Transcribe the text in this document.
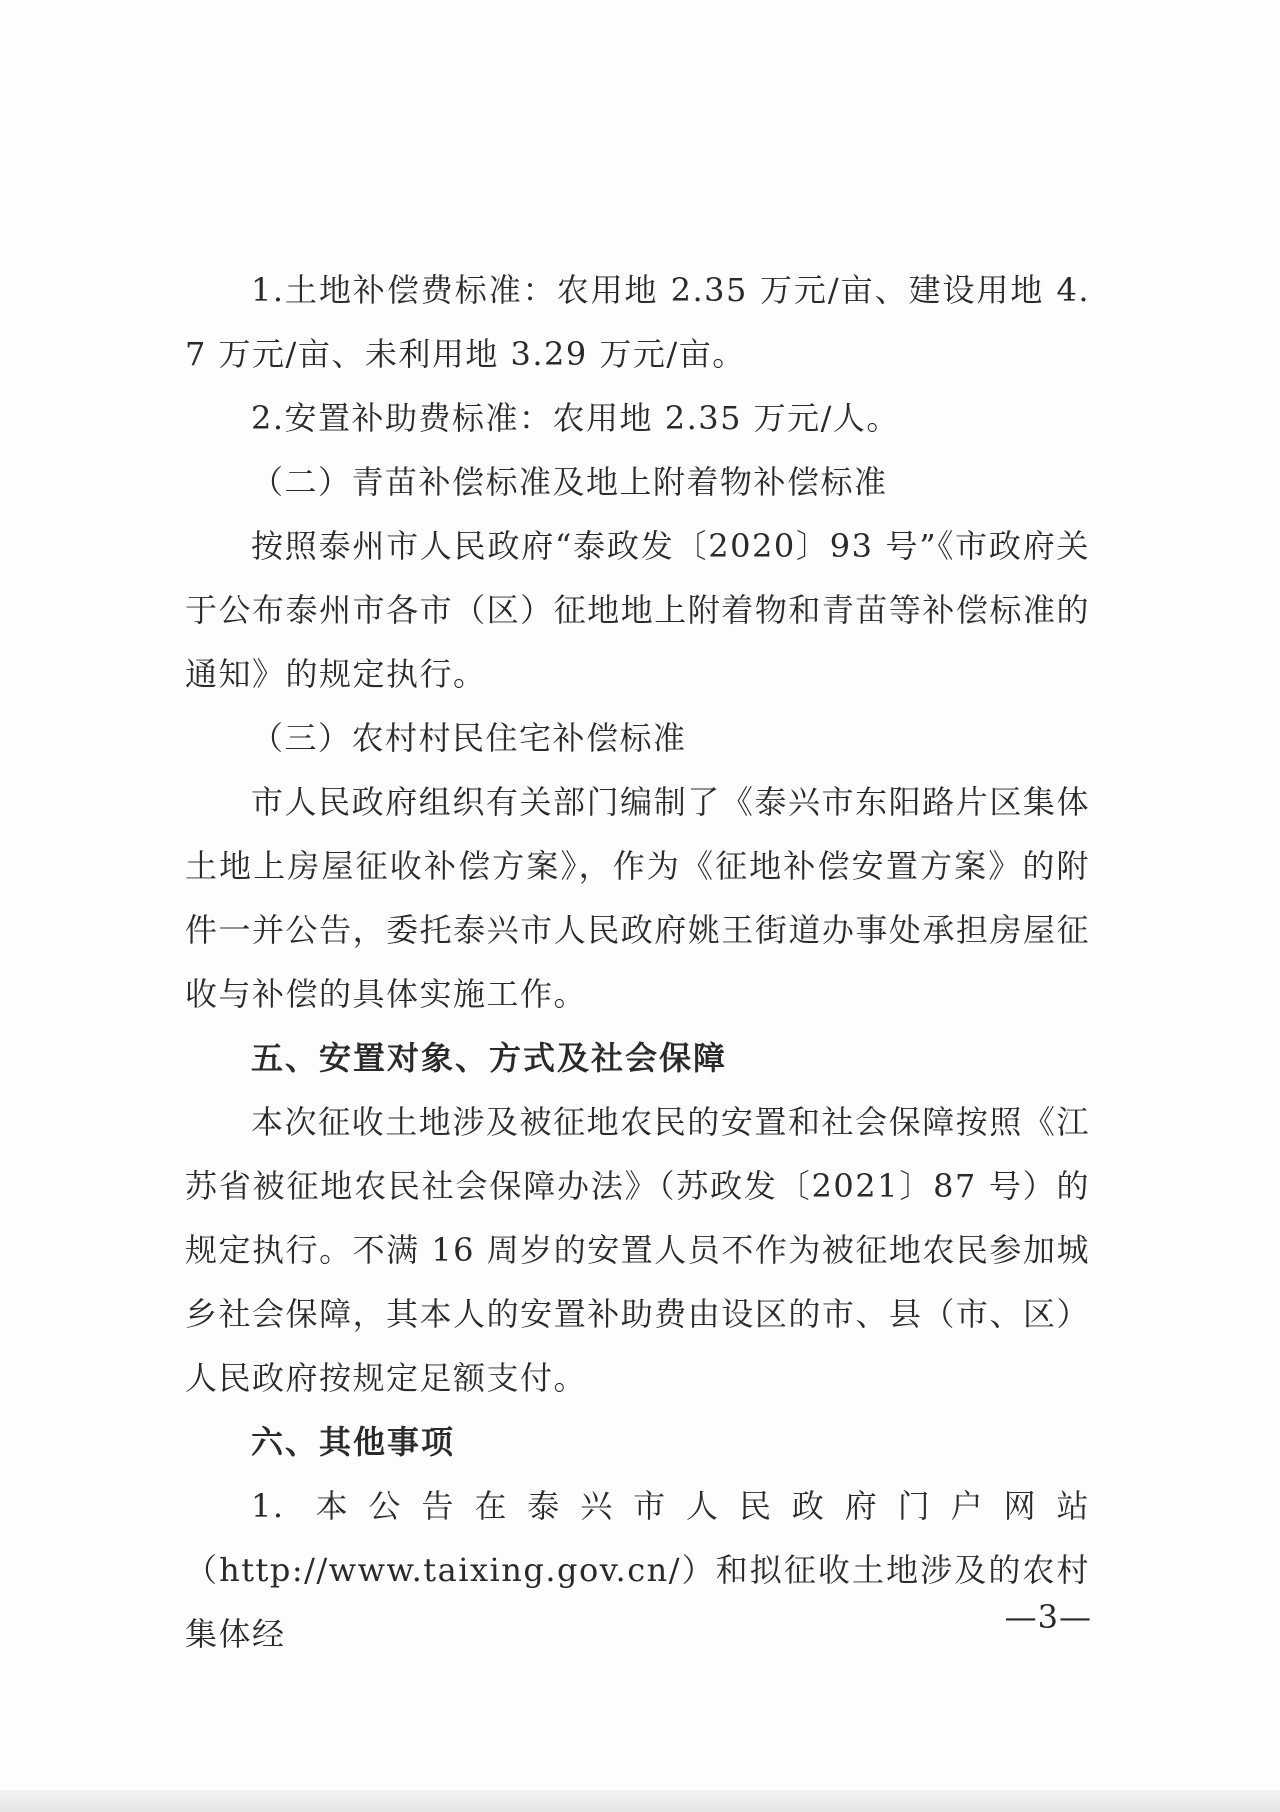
1.土地补偿费标准：农用地 2.35 万元/亩、建设用地 4.7 万元/亩、未利用地 3.29 万元/亩。

2.安置补助费标准：农用地 2.35 万元/人。

（二）青苗补偿标准及地上附着物补偿标准

按照泰州市人民政府“泰政发〔2020〕93 号”《市政府关于公布泰州市各市（区）征地地上附着物和青苗等补偿标准的通知》的规定执行。

（三）农村村民住宅补偿标准

市人民政府组织有关部门编制了《泰兴市东阳路片区集体土地上房屋征收补偿方案》，作为《征地补偿安置方案》的附件一并公告，委托泰兴市人民政府姚王街道办事处承担房屋征收与补偿的具体实施工作。

五、安置对象、方式及社会保障

本次征收土地涉及被征地农民的安置和社会保障按照《江苏省被征地农民社会保障办法》（苏政发〔2021〕87 号）的规定执行。不满 16 周岁的安置人员不作为被征地农民参加城乡社会保障，其本人的安置补助费由设区的市、县（市、区）人民政府按规定足额支付。

六、其他事项

1. 本公告在泰兴市人民政府门户网站

（http://www.taixing.gov.cn/）和拟征收土地涉及的农村集体经	—3—
